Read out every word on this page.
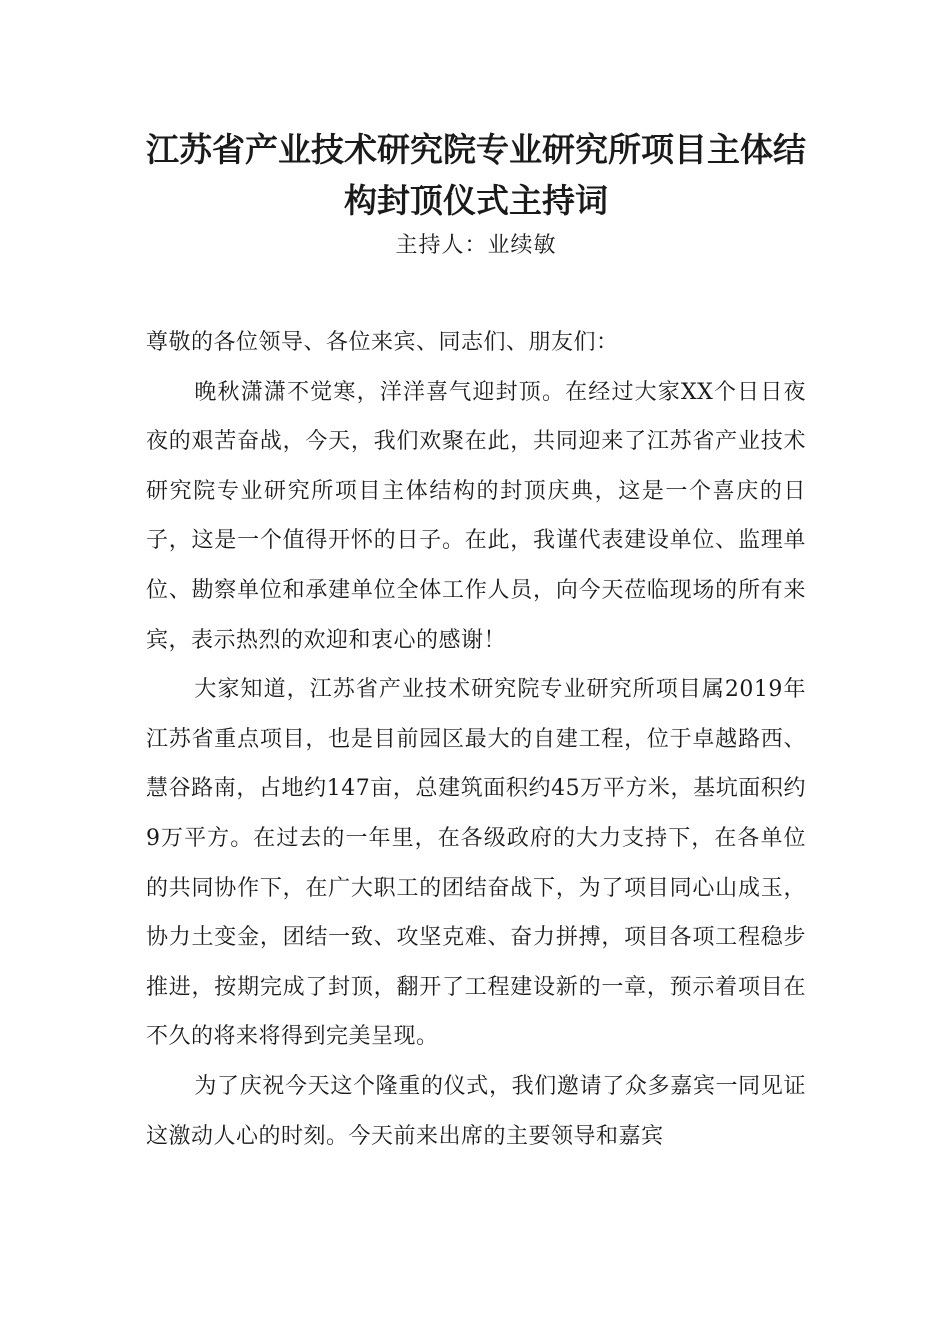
江苏省产业技术研究院专业研究所项目主体结构封顶仪式主持词
主持人：业续敏

尊敬的各位领导、各位来宾、同志们、朋友们：

晚秋潇潇不觉寒，洋洋喜气迎封顶。在经过大家XX个日日夜夜的艰苦奋战，今天，我们欢聚在此，共同迎来了江苏省产业技术研究院专业研究所项目主体结构的封顶庆典，这是一个喜庆的日子，这是一个值得开怀的日子。在此，我谨代表建设单位、监理单位、勘察单位和承建单位全体工作人员，向今天莅临现场的所有来宾，表示热烈的欢迎和衷心的感谢！

大家知道，江苏省产业技术研究院专业研究所项目属2019年江苏省重点项目，也是目前园区最大的自建工程，位于卓越路西、慧谷路南，占地约147亩，总建筑面积约45万平方米，基坑面积约9万平方。在过去的一年里，在各级政府的大力支持下，在各单位的共同协作下，在广大职工的团结奋战下，为了项目同心山成玉，协力土变金，团结一致、攻坚克难、奋力拼搏，项目各项工程稳步推进，按期完成了封顶，翻开了工程建设新的一章，预示着项目在不久的将来将得到完美呈现。

为了庆祝今天这个隆重的仪式，我们邀请了众多嘉宾一同见证这激动人心的时刻。今天前来出席的主要领导和嘉宾
